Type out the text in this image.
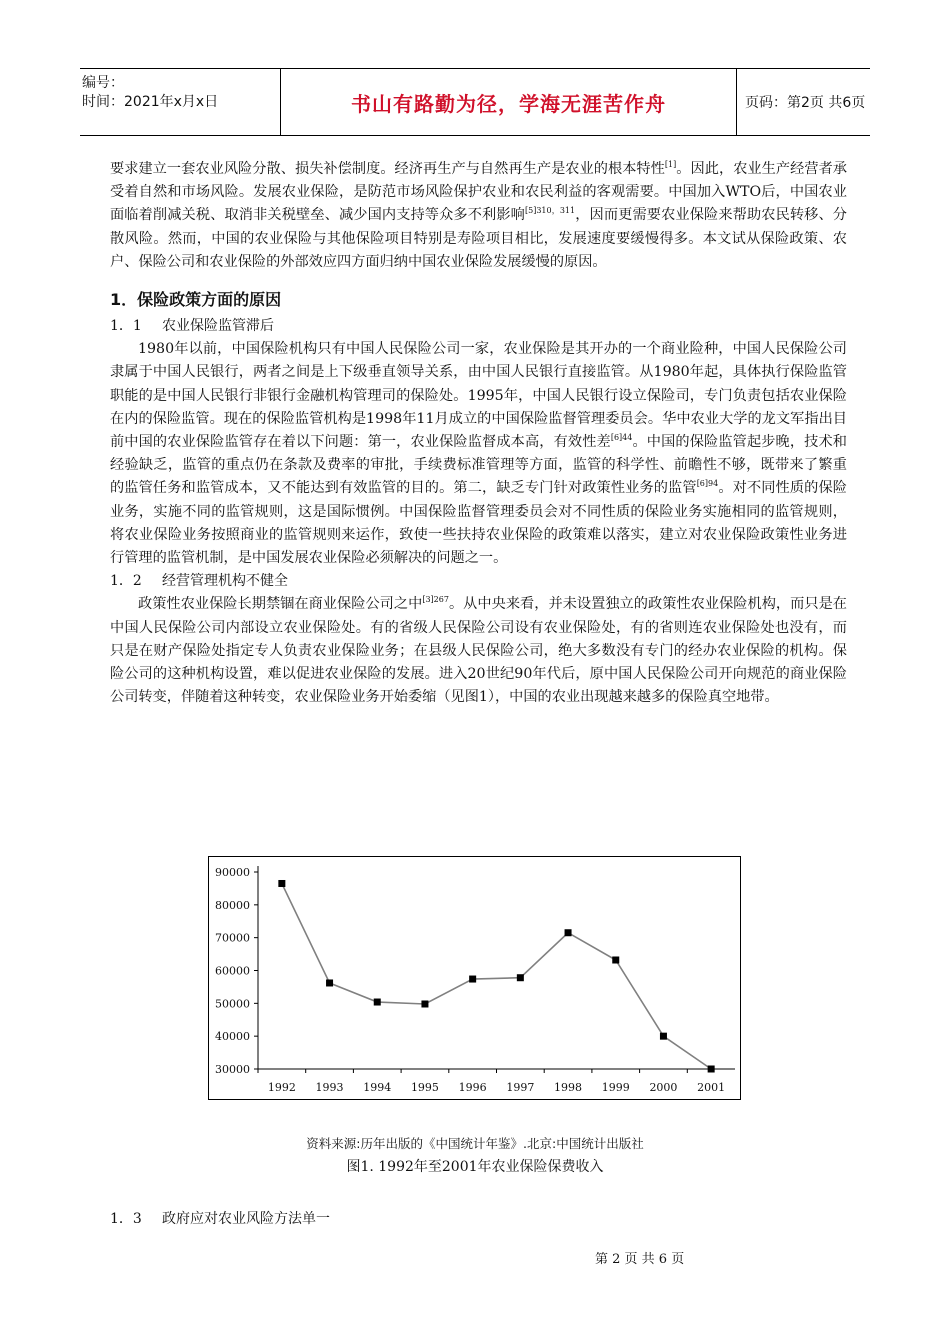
编号：
时间：2021年x月x日	书山有路勤为径，学海无涯苦作舟	页码：第2页 共6页

要求建立一套农业风险分散、损失补偿制度。经济再生产与自然再生产是农业的根本特性[1]。因此，农业生产经营者承受着自然和市场风险。发展农业保险，是防范市场风险保护农业和农民利益的客观需要。中国加入WTO后，中国农业面临着削减关税、取消非关税壁垒、减少国内支持等众多不利影响$^{[5]310,311}$，因而更需要农业保险来帮助农民转移、分散风险。然而，中国的农业保险与其他保险项目特别是寿险项目相比，发展速度要缓慢得多。本文试从保险政策、农户、保险公司和农业保险的外部效应四方面归纳中国农业保险发展缓慢的原因。

1．保险政策方面的原因
1．1 农业保险监管滞后

1980年以前，中国保险机构只有中国人民保险公司一家，农业保险是其开办的一个商业险种，中国人民保险公司隶属于中国人民银行，两者之间是上下级垂直领导关系，由中国人民银行直接监管。从1980年起，具体执行保险监管职能的是中国人民银行非银行金融机构管理司的保险处。1995年，中国人民银行设立保险司，专门负责包括农业保险在内的保险监管。现在的保险监管机构是1998年11月成立的中国保险监督管理委员会。华中农业大学的龙文军指出目前中国的农业保险监管存在着以下问题：第一，农业保险监督成本高，有效性差$^{[6]44}$。中国的保险监管起步晚，技术和经验缺乏，监管的重点仍在条款及费率的审批，手续费标准管理等方面，监管的科学性、前瞻性不够，既带来了繁重的监管任务和监管成本，又不能达到有效监管的目的。第二，缺乏专门针对政策性业务的监管$^{[6]94}$。对不同性质的保险业务，实施不同的监管规则，这是国际惯例。中国保险监督管理委员会对不同性质的保险业务实施相同的监管规则，将农业保险业务按照商业的监管规则来运作，致使一些扶持农业保险的政策难以落实，建立对农业保险政策性业务进行管理的监管机制，是中国发展农业保险必须解决的问题之一。

1．2 经营管理机构不健全

政策性农业保险长期禁锢在商业保险公司之中$^{[3]267}$。从中央来看，并未设置独立的政策性农业保险机构，而只是在中国人民保险公司内部设立农业保险处。有的省级人民保险公司设有农业保险处，有的省则连农业保险处也没有，而只是在财产保险处指定专人负责农业保险业务；在县级人民保险公司，绝大多数没有专门的经办农业保险的机构。保险公司的这种机构设置，难以促进农业保险的发展。进入20世纪90年代后，原中国人民保险公司开向规范的商业保险公司转变，伴随着这种转变，农业保险业务开始委缩（见图1），中国的农业出现越来越多的保险真空地带。

30000
40000
50000
60000
70000
80000
90000
1992 1993 1994 1995 1996 1997 1998 1999 2000 2001
资料来源:历年出版的《中国统计年鉴》.北京:中国统计出版社
图1. 1992年至2001年农业保险保费收入
1．3 政府应对农业风险方法单一
第 2 页 共 6 页
